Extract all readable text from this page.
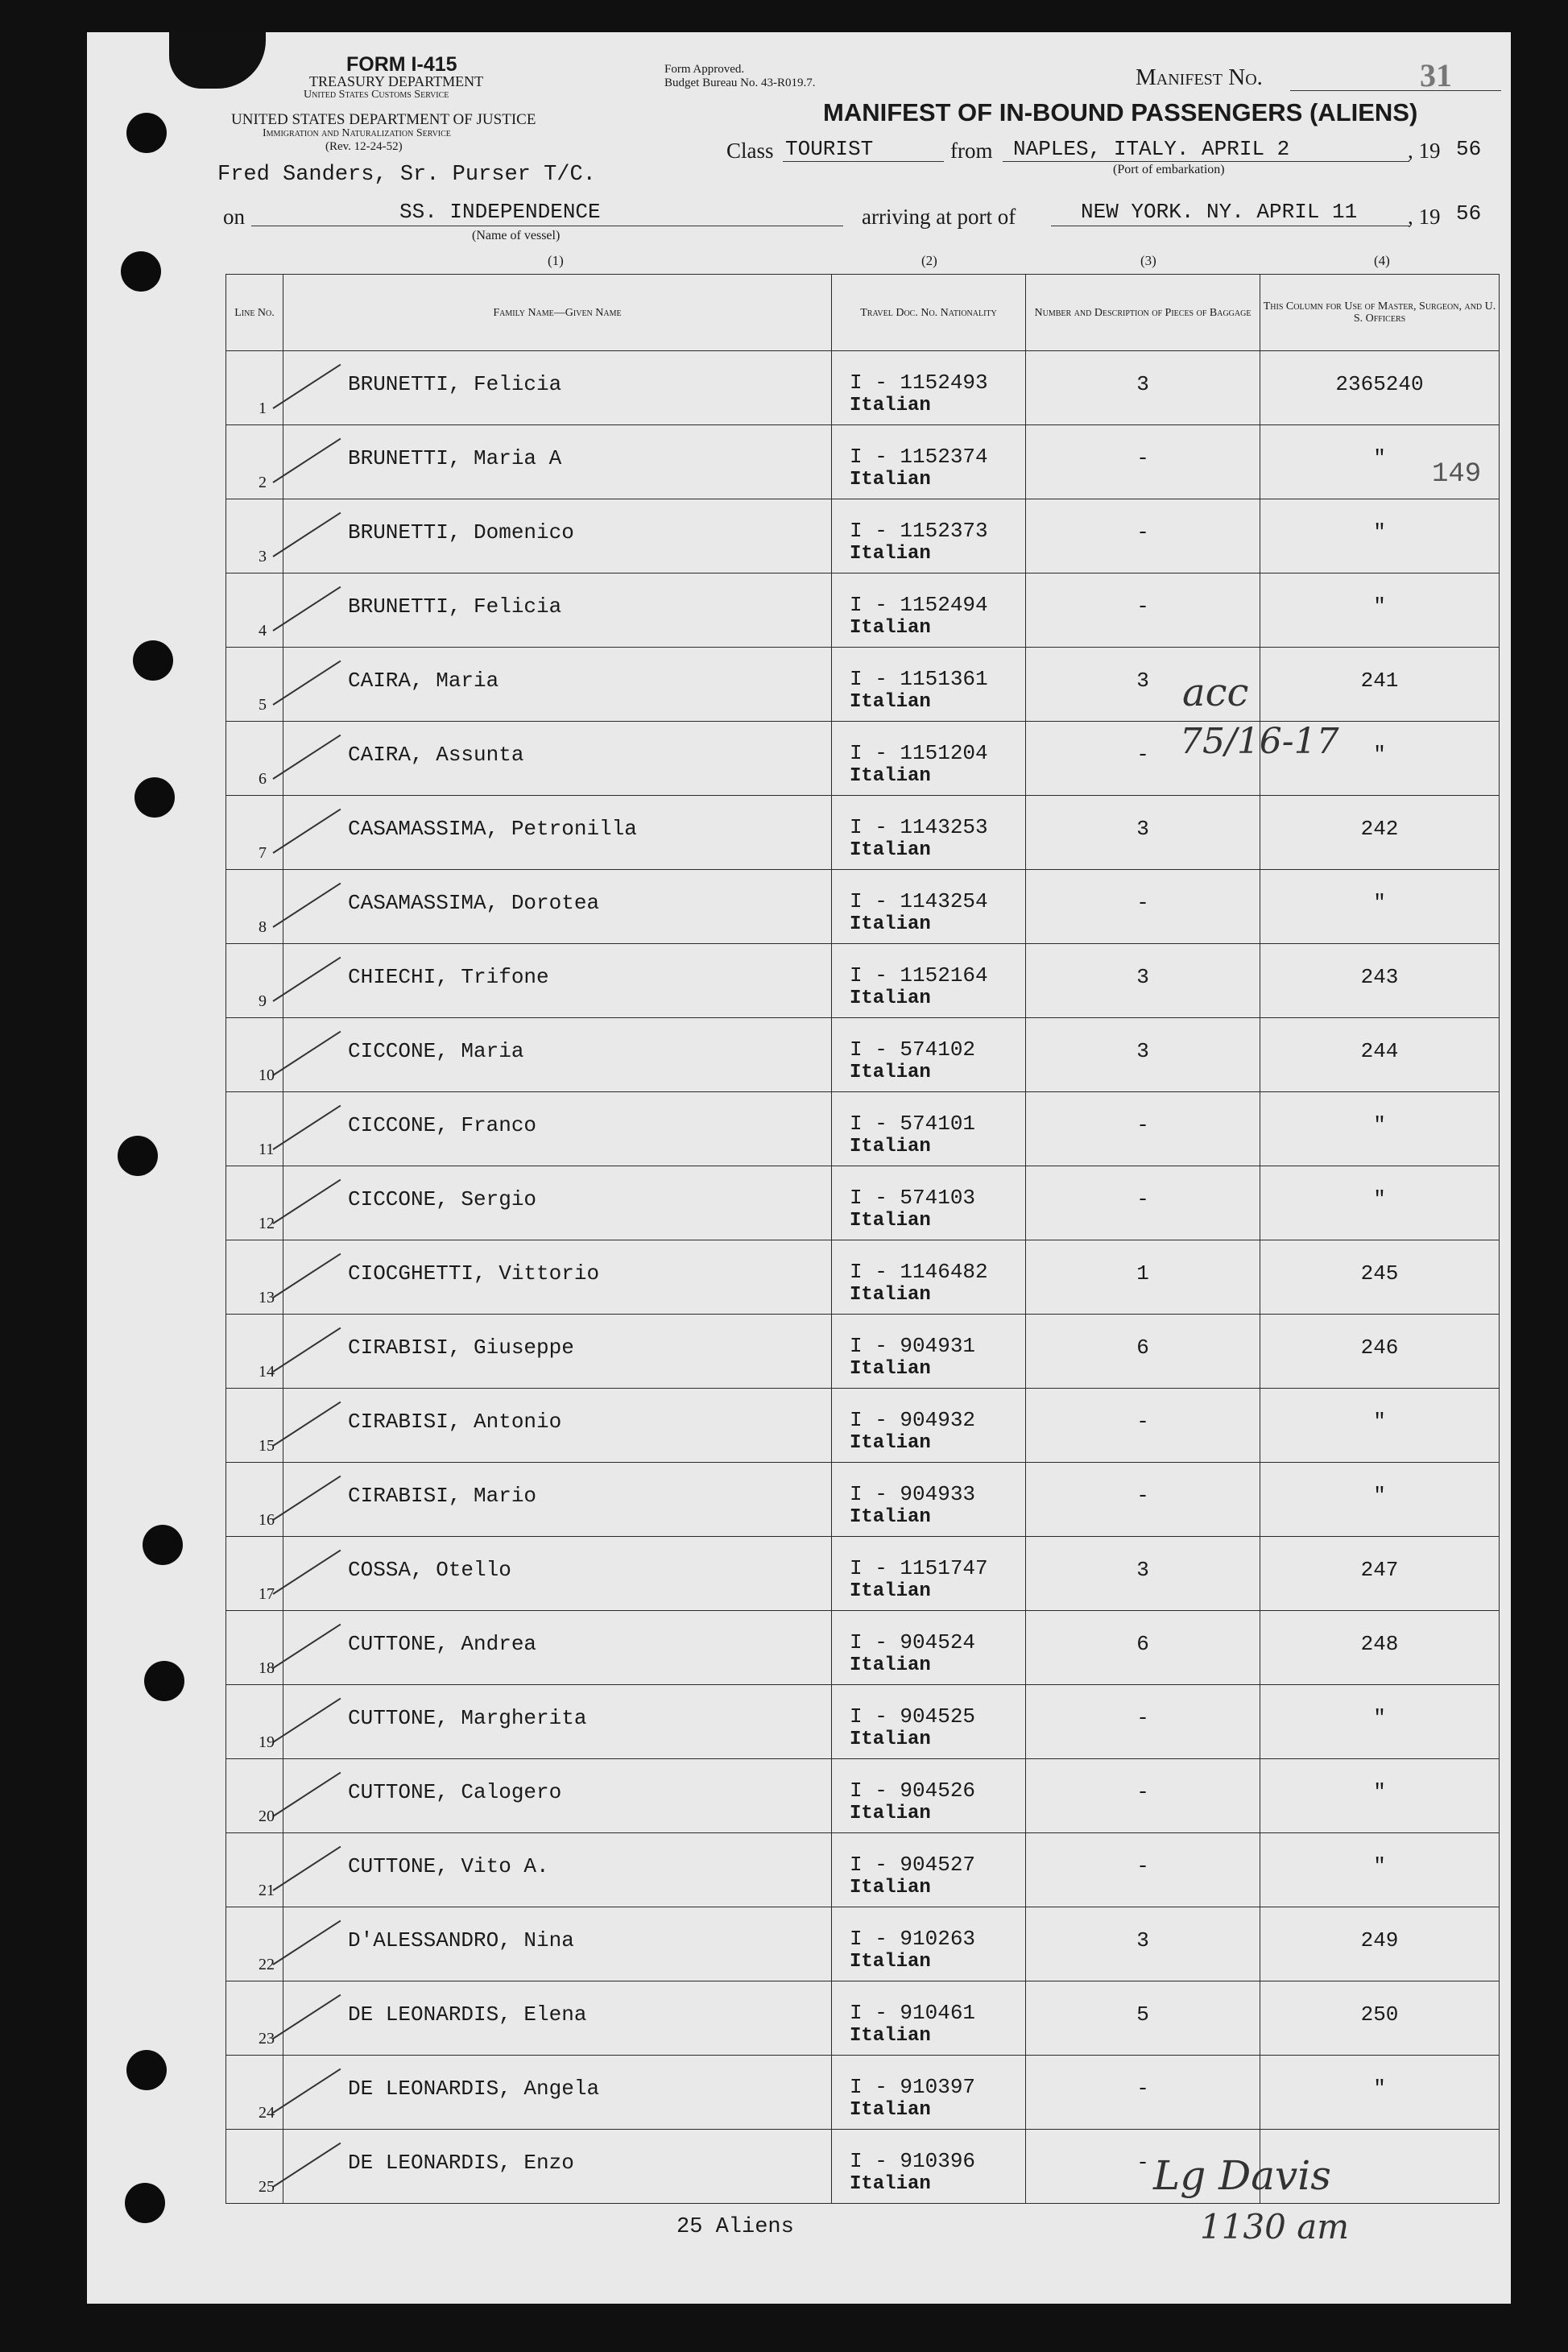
FORM I-415
TREASURY DEPARTMENT
United States Customs Service
UNITED STATES DEPARTMENT OF JUSTICE
Immigration and Naturalization Service
(Rev. 12-24-52)
Form Approved.
Budget Bureau No. 43-R019.7.	Manifest No.	31
MANIFEST OF IN-BOUND PASSENGERS (ALIENS)
Class TOURIST	from NAPLES, ITALY. APRIL 2	, 19 56
(Port of embarkation)
Fred Sanders, Sr. Purser T/C.
on	SS. INDEPENDENCE
(Name of vessel)
arriving at port of	NEW YORK. NY. APRIL 11 , 19 56
(1)	(2)	(3)	(4)
Line No.	Family Name—Given Name	Travel Doc. No. Nationality	Number and Description of Pieces of Baggage	This Column for Use of Master, Surgeon, and U. S. Officers

1	BRUNETTI, Felicia	I - 1152493
Italian	3	2365240

2	BRUNETTI, Maria A	I - 1152374
Italian	-	"

3	BRUNETTI, Domenico	I - 1152373
Italian	-	"

4	BRUNETTI, Felicia	I - 1152494
Italian	-	"

5	CAIRA, Maria	I - 1151361
Italian	3	241

6	CAIRA, Assunta	I - 1151204
Italian	-	"

7	CASAMASSIMA, Petronilla	I - 1143253
Italian	3	242

8	CASAMASSIMA, Dorotea	I - 1143254
Italian	-	"

9	CHIECHI, Trifone	I - 1152164
Italian	3	243

10	CICCONE, Maria	I - 574102
Italian	3	244

11	CICCONE, Franco	I - 574101
Italian	-	"

12	CICCONE, Sergio	I - 574103
Italian	-	"

13	CIOCGHETTI, Vittorio	I - 1146482
Italian	1	245

14	CIRABISI, Giuseppe	I - 904931
Italian	6	246

15	CIRABISI, Antonio	I - 904932
Italian	-	"

16	CIRABISI, Mario	I - 904933
Italian	-	"

17	COSSA, Otello	I - 1151747
Italian	3	247

18	CUTTONE, Andrea	I - 904524
Italian	6	248

19	CUTTONE, Margherita	I - 904525
Italian	-	"

20	CUTTONE, Calogero	I - 904526
Italian	-	"

21	CUTTONE, Vito A.	I - 904527
Italian	-	"

22	D'ALESSANDRO, Nina	I - 910263
Italian	3	249

23	DE LEONARDIS, Elena	I - 910461
Italian	5	250

24	DE LEONARDIS, Angela	I - 910397
Italian	-	"

25	DE LEONARDIS, Enzo	I - 910396
Italian	-	

149
acc
75/16-17
Lg Davis
1130 am
25 Aliens
